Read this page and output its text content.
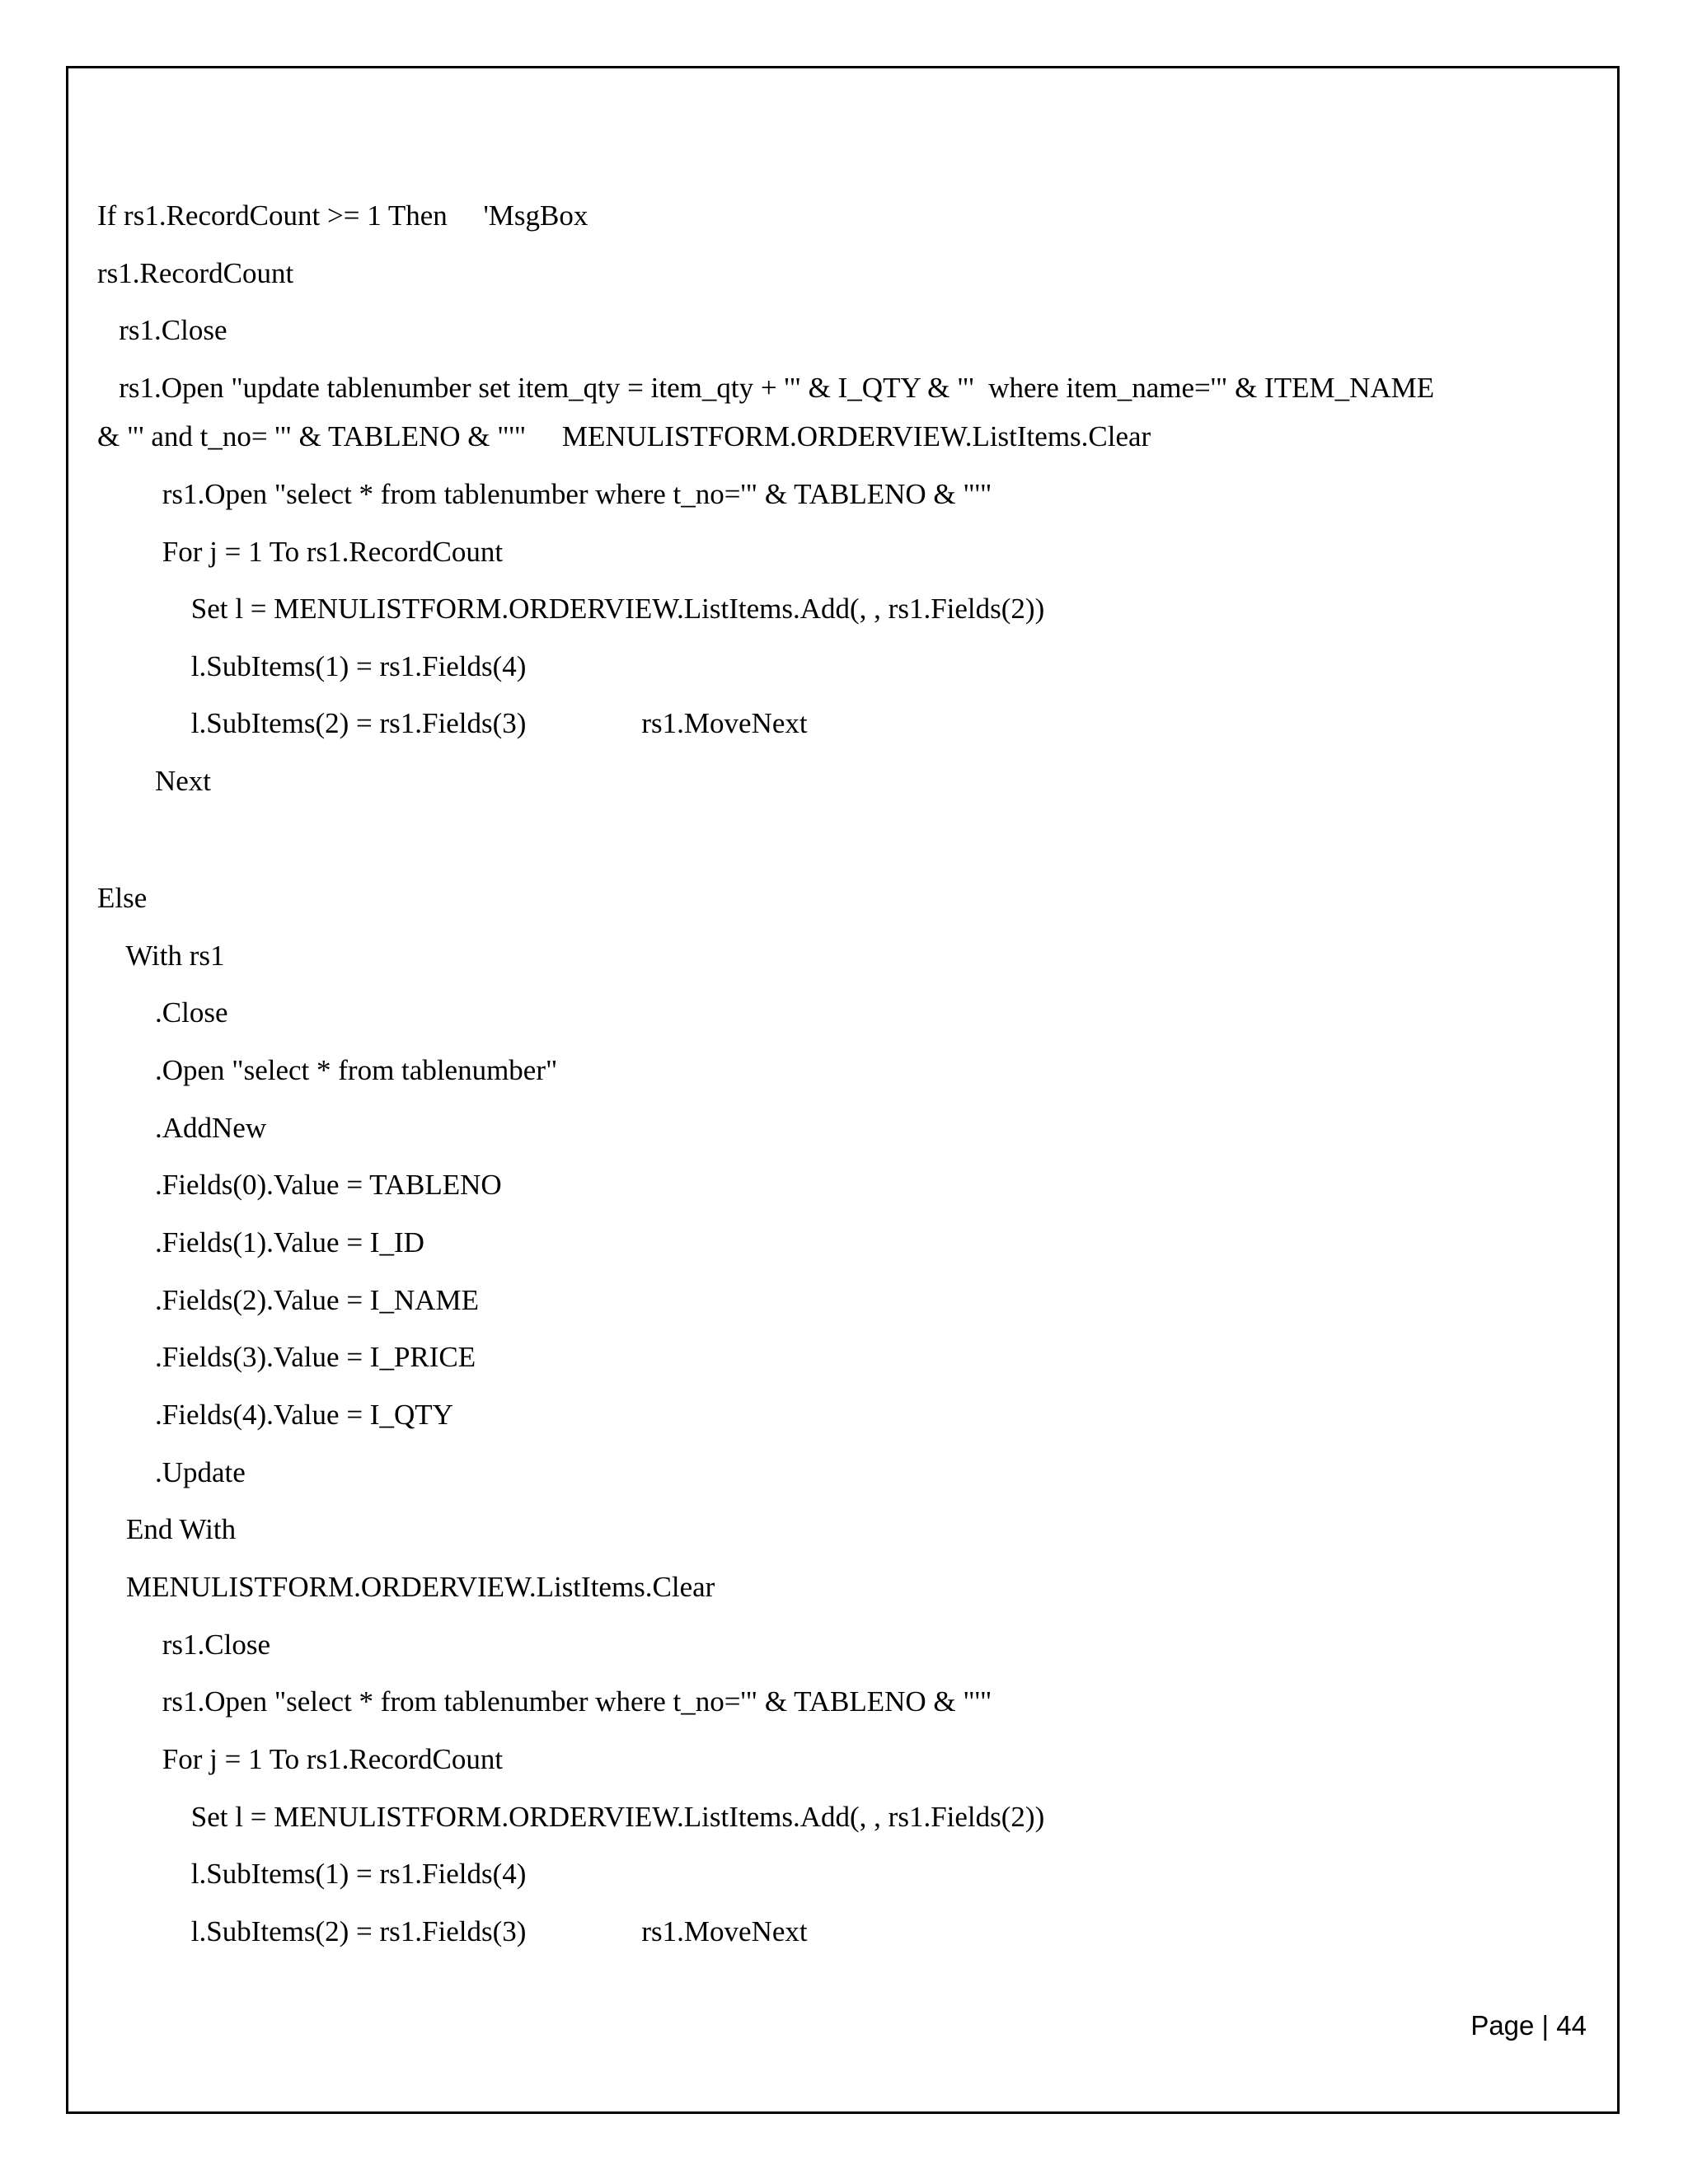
If rs1.RecordCount >= 1 Then     'MsgBox
rs1.RecordCount
rs1.Close
rs1.Open "update tablenumber set item_qty = item_qty + '" & I_QTY & "'  where item_name='" & ITEM_NAME
& "' and t_no= '" & TABLENO & "'"     MENULISTFORM.ORDERVIEW.ListItems.Clear
rs1.Open "select * from tablenumber where t_no='" & TABLENO & "'"
For j = 1 To rs1.RecordCount
Set l = MENULISTFORM.ORDERVIEW.ListItems.Add(, , rs1.Fields(2))
l.SubItems(1) = rs1.Fields(4)
l.SubItems(2) = rs1.Fields(3)                rs1.MoveNext
Next
Else
With rs1
.Close
.Open "select * from tablenumber"
.AddNew
.Fields(0).Value = TABLENO
.Fields(1).Value = I_ID
.Fields(2).Value = I_NAME
.Fields(3).Value = I_PRICE
.Fields(4).Value = I_QTY
.Update
End With
MENULISTFORM.ORDERVIEW.ListItems.Clear
rs1.Close
rs1.Open "select * from tablenumber where t_no='" & TABLENO & "'"
For j = 1 To rs1.RecordCount
Set l = MENULISTFORM.ORDERVIEW.ListItems.Add(, , rs1.Fields(2))
l.SubItems(1) = rs1.Fields(4)
l.SubItems(2) = rs1.Fields(3)                rs1.MoveNext
Page | 44
